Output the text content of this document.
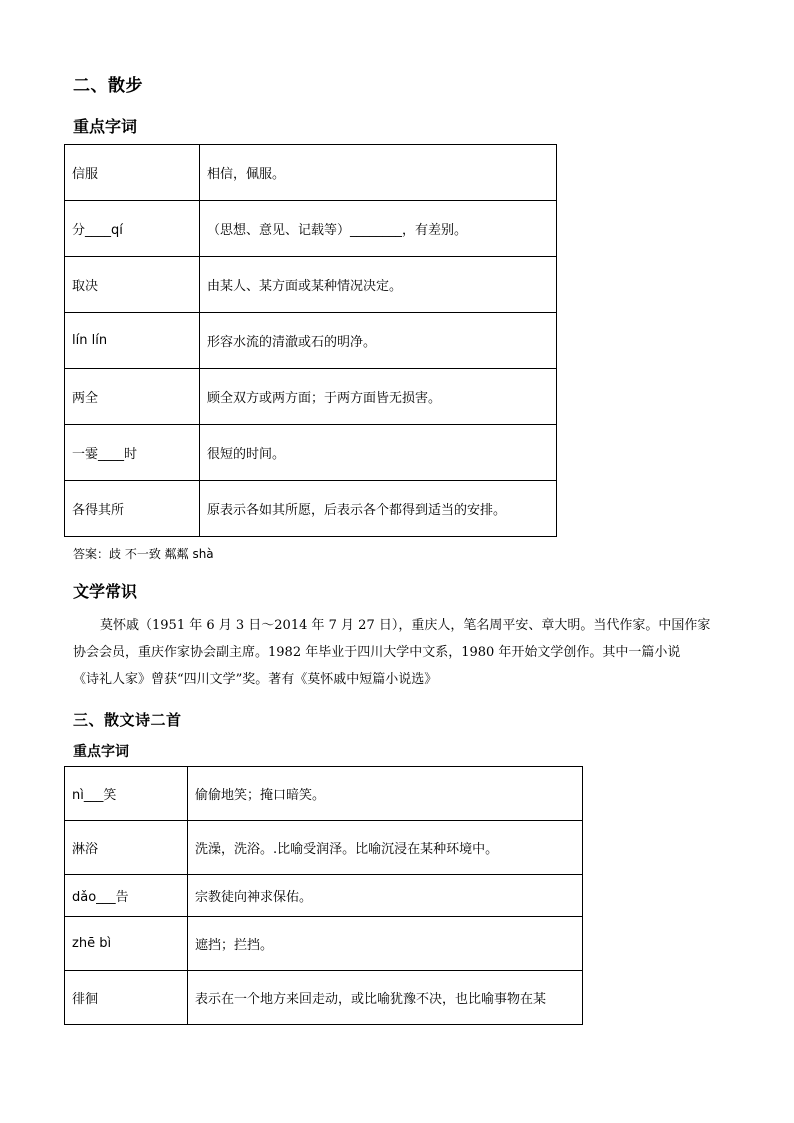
二、散步
重点字词
信服	相信，佩服。
分____qí	（思想、意见、记载等）________，有差别。
取决	由某人、某方面或某种情况决定。
lín lín	形容水流的清澈或石的明净。
两全	顾全双方或两方面；于两方面皆无损害。
一霎____时	很短的时间。
各得其所	原表示各如其所愿，后表示各个都得到适当的安排。
答案：歧 不一致 粼粼 shà
文学常识
莫怀戚（1951 年 6 月 3 日～2014 年 7 月 27 日），重庆人，笔名周平安、章大明。当代作家。中国作家
协会会员，重庆作家协会副主席。1982 年毕业于四川大学中文系，1980 年开始文学创作。其中一篇小说
《诗礼人家》曾获“四川文学”奖。著有《莫怀戚中短篇小说选》
三、散文诗二首
重点字词
nì___笑	偷偷地笑；掩口暗笑。
淋浴	洗澡，洗浴。.比喻受润泽。比喻沉浸在某种环境中。
dǎo___告	宗教徒向神求保佑。
zhē bì	遮挡；拦挡。
徘徊	表示在一个地方来回走动，或比喻犹豫不决，也比喻事物在某
